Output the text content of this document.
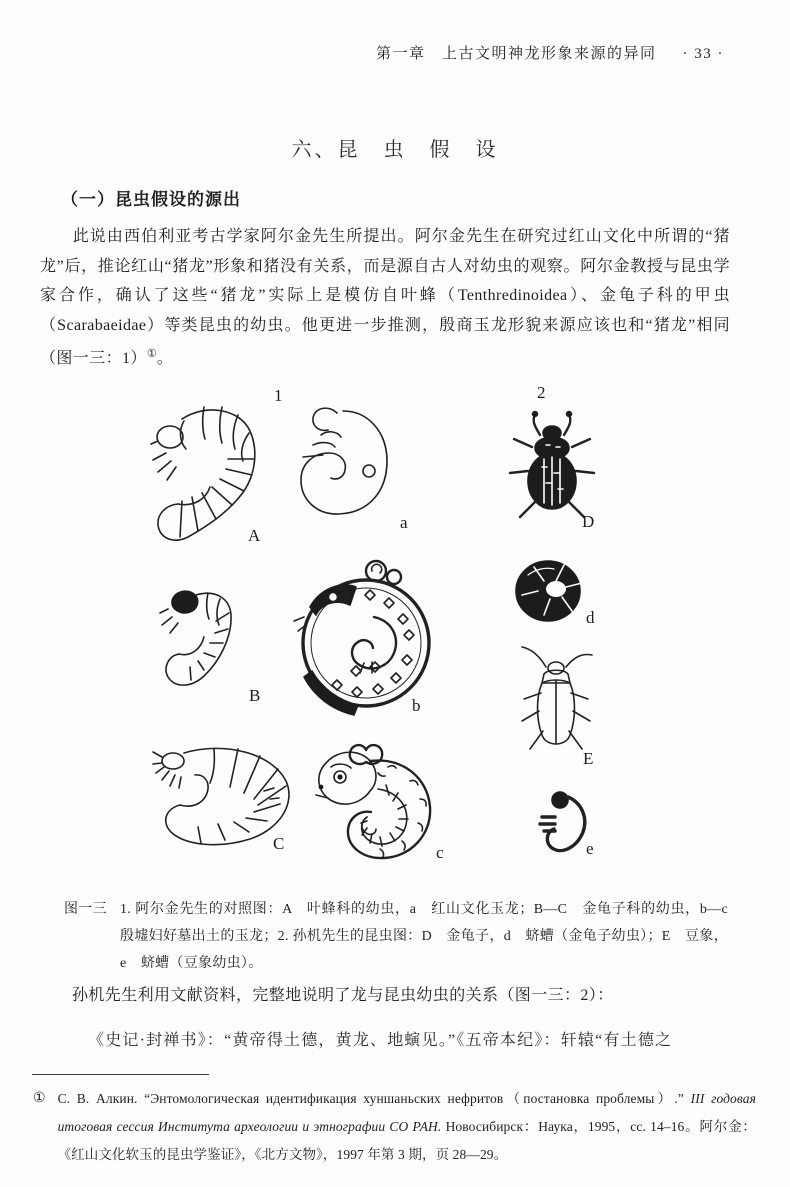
第一章　上古文明神龙形象来源的异同 · 33 ·
六、昆　虫　假　设
（一）昆虫假设的源出

此说由西伯利亚考古学家阿尔金先生所提出。阿尔金先生在研究过红山文化中所谓的“猪龙”后，推论红山“猪龙”形象和猪没有关系，而是源自古人对幼虫的观察。阿尔金教授与昆虫学家合作，确认了这些“猪龙”实际上是模仿自叶蜂（Tenthredinoidea）、金龟子科的甲虫（Scarabaeidae）等类昆虫的幼虫。他更进一步推测，殷商玉龙形貌来源应该也和“猪龙”相同（图一三：1）①。

1	2
A
a	D
B
b
d
E
C	c	e
图一三 1. 阿尔金先生的对照图：A　叶蜂科的幼虫，a　红山文化玉龙；B—C　金龟子科的幼虫，b—c　殷墟妇好墓出土的玉龙；2. 孙机先生的昆虫图：D　金龟子，d　蛴螬（金龟子幼虫）；E　豆象，e　蛴螬（豆象幼虫）。

孙机先生利用文献资料，完整地说明了龙与昆虫幼虫的关系（图一三：2）：

《史记·封禅书》：“黄帝得土德，黄龙、地螾见。”《五帝本纪》：轩辕“有土德之

① С. В. Алкин. “Энтомологическая идентификация хуншаньских нефритов（постановка проблемы）.” III годовая итоговая сессия Института археологии и этнографии СО РАН. Новосибирск：Наука，1995，сс. 14–16。阿尔金：《红山文化软玉的昆虫学鉴证》，《北方文物》，1997 年第 3 期，页 28—29。
